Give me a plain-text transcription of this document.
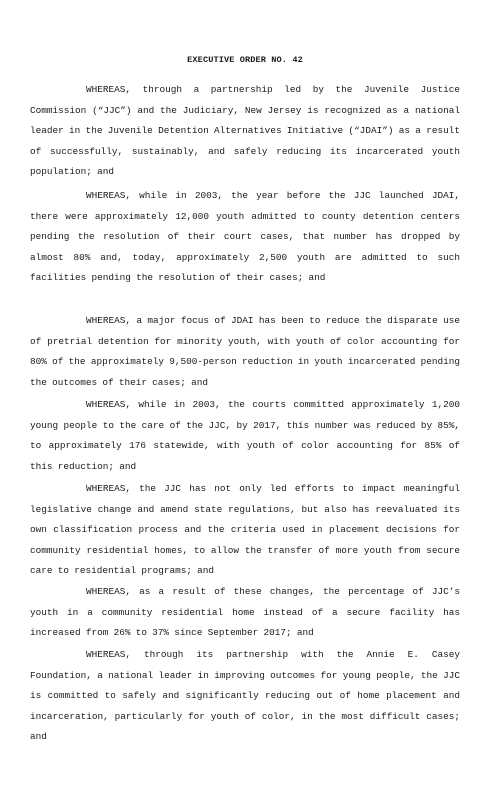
EXECUTIVE ORDER NO. 42

WHEREAS, through a partnership led by the Juvenile Justice Commission (“JJC”) and the Judiciary, New Jersey is recognized as a national leader in the Juvenile Detention Alternatives Initiative (“JDAI”) as a result of successfully, sustainably, and safely reducing its incarcerated youth population; and

WHEREAS, while in 2003, the year before the JJC launched JDAI, there were approximately 12,000 youth admitted to county detention centers pending the resolution of their court cases, that number has dropped by almost 80% and, today, approximately 2,500 youth are admitted to such facilities pending the resolution of their cases; and

WHEREAS, a major focus of JDAI has been to reduce the disparate use of pretrial detention for minority youth, with youth of color accounting for 80% of the approximately 9,500-person reduction in youth incarcerated pending the outcomes of their cases; and

WHEREAS, while in 2003, the courts committed approximately 1,200 young people to the care of the JJC, by 2017, this number was reduced by 85%, to approximately 176 statewide, with youth of color accounting for 85% of this reduction; and

WHEREAS, the JJC has not only led efforts to impact meaningful legislative change and amend state regulations, but also has reevaluated its own classification process and the criteria used in placement decisions for community residential homes, to allow the transfer of more youth from secure care to residential programs; and

WHEREAS, as a result of these changes, the percentage of JJC’s youth in a community residential home instead of a secure facility has increased from 26% to 37% since September 2017; and

WHEREAS, through its partnership with the Annie E. Casey Foundation, a national leader in improving outcomes for young people, the JJC is committed to safely and significantly reducing out of home placement and incarceration, particularly for youth of color, in the most difficult cases; and
